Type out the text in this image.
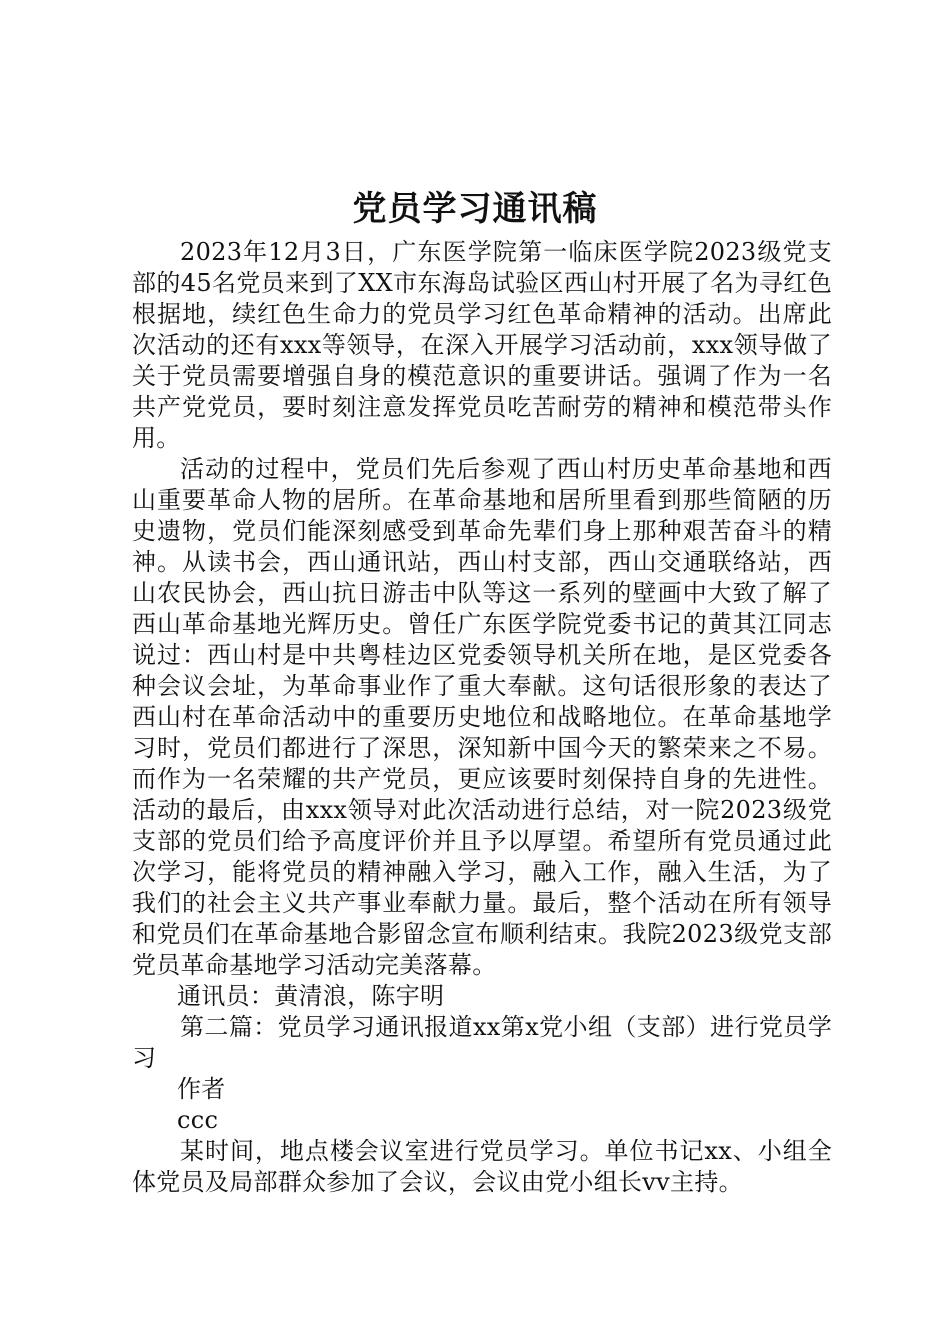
党员学习通讯稿

2023年12月3日，广东医学院第一临床医学院2023级党支部的45名党员来到了XX市东海岛试验区西山村开展了名为寻红色根据地，续红色生命力的党员学习红色革命精神的活动。出席此次活动的还有xxx等领导，在深入开展学习活动前，xxx领导做了关于党员需要增强自身的模范意识的重要讲话。强调了作为一名共产党党员，要时刻注意发挥党员吃苦耐劳的精神和模范带头作用。

活动的过程中，党员们先后参观了西山村历史革命基地和西山重要革命人物的居所。在革命基地和居所里看到那些简陋的历史遗物，党员们能深刻感受到革命先辈们身上那种艰苦奋斗的精神。从读书会，西山通讯站，西山村支部，西山交通联络站，西山农民协会，西山抗日游击中队等这一系列的壁画中大致了解了西山革命基地光辉历史。曾任广东医学院党委书记的黄其江同志说过：西山村是中共粤桂边区党委领导机关所在地，是区党委各种会议会址，为革命事业作了重大奉献。这句话很形象的表达了西山村在革命活动中的重要历史地位和战略地位。在革命基地学习时，党员们都进行了深思，深知新中国今天的繁荣来之不易。而作为一名荣耀的共产党员，更应该要时刻保持自身的先进性。活动的最后，由xxx领导对此次活动进行总结，对一院2023级党支部的党员们给予高度评价并且予以厚望。希望所有党员通过此次学习，能将党员的精神融入学习，融入工作，融入生活，为了我们的社会主义共产事业奉献力量。最后，整个活动在所有领导和党员们在革命基地合影留念宣布顺利结束。我院2023级党支部党员革命基地学习活动完美落幕。

通讯员：黄清浪，陈宇明

第二篇：党员学习通讯报道xx第x党小组（支部）进行党员学习

作者

ccc

某时间，地点楼会议室进行党员学习。单位书记xx、小组全体党员及局部群众参加了会议，会议由党小组长vv主持。
